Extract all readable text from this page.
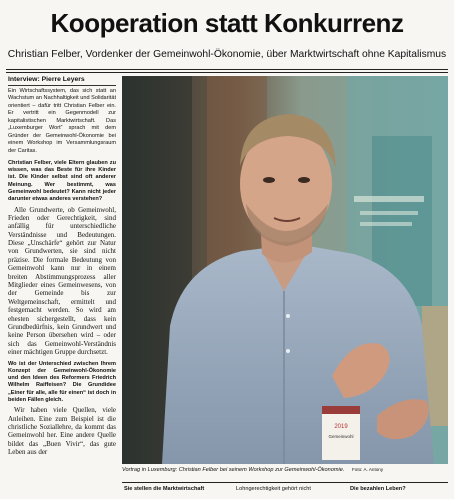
Kooperation statt Konkurrenz
Christian Felber, Vordenker der Gemeinwohl-Ökonomie, über Marktwirtschaft ohne Kapitalismus

Interview: Pierre Leyers

Ein Wirtschaftssystem, das sich statt an Wachstum an Nachhaltigkeit und Solidarität orientiert – dafür tritt Christian Felber ein. Er vertritt ein Gegenmodell zur kapitalistischen Marktwirtschaft. Das „Luxemburger Wort“ sprach mit dem Gründer der Gemeinwohl-Ökonomie bei einem Workshop im Versammlungsraum der Caritas.

Christian Felber, viele Eltern glauben zu wissen, was das Beste für ihre Kinder ist. Die Kinder selbst sind oft anderer Meinung. Wer bestimmt, was Gemeinwohl bedeutet? Kann nicht jeder darunter etwas anderes verstehen?

Alle Grundwerte, ob Gemeinwohl, Frieden oder Gerechtigkeit, sind anfällig für unterschiedliche Verständnisse und Bedeutungen. Diese „Unschärfe“ gehört zur Natur von Grundwerten, sie sind nicht präzise. Die formale Bedeutung von Gemeinwohl kann nur in einem breiten Abstimmungsprozess aller Mitglieder eines Gemeinwesens, von der Gemeinde bis zur Weltgemeinschaft, ermittelt und festgemacht werden. So wird am ehesten sichergestellt, dass kein Grundbedürfnis, kein Grundwert und keine Person übersehen wird – oder sich das Gemeinwohl-Verständnis einer mächtigen Gruppe durchsetzt.

Wo ist der Unterschied zwischen Ihrem Konzept der Gemeinwohl-Ökonomie und den Ideen des Reformers Friedrich Wilhelm Raiffeisen? Die Grundidee „Einer für alle, alle für einen“ ist doch in beiden Fällen gleich.

Wir haben viele Quellen, viele Anleihen. Eine zum Beispiel ist die christliche Soziallehre, da kommt das Gemeinwohl her. Eine andere Quelle bildet das „Buen Vivir“, das gute Leben aus der

2019
Gemeinwohl
Vortrag in Luxemburg: Christian Felber bei seinem Workshop zur Gemeinwohl-Ökonomie. Foto: A. Antony
Sie stellen die Marktwirtschaft	Lohngerechtigkeit gehört nicht	Die bezahlen Leben?
